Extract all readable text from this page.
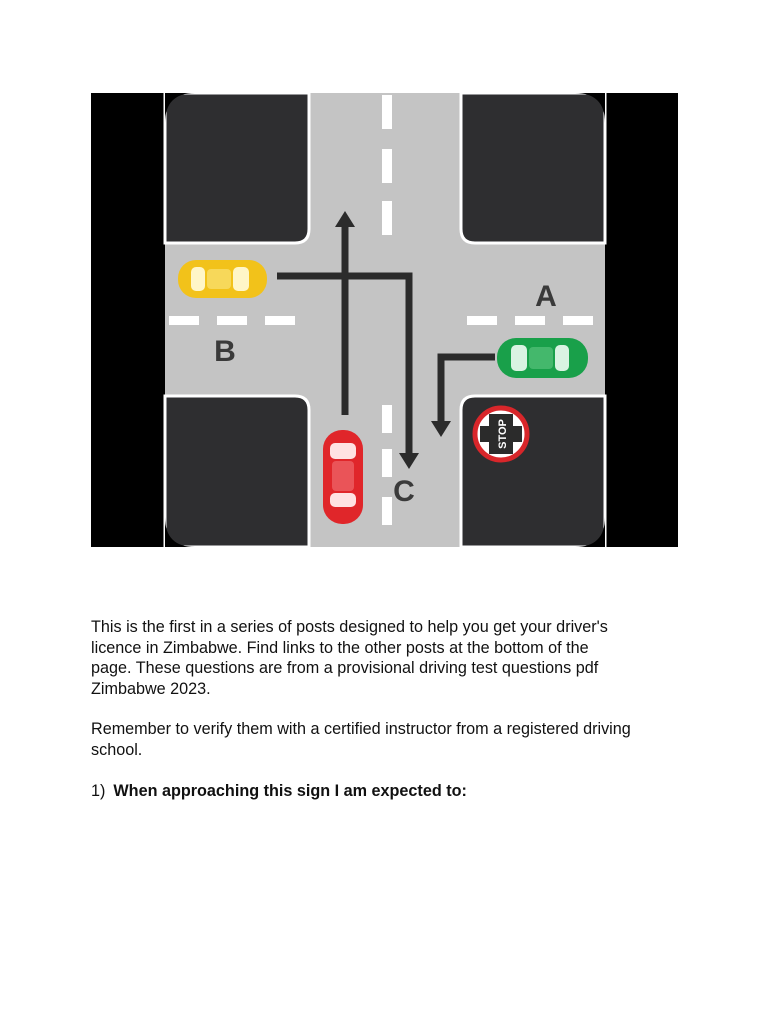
STOP
A
B
C
This is the first in a series of posts designed to help you get your driver's
licence in Zimbabwe. Find links to the other posts at the bottom of the
page. These questions are from a provisional driving test questions pdf
Zimbabwe 2023.
Remember to verify them with a certified instructor from a registered driving
school.
1) When approaching this sign I am expected to:
